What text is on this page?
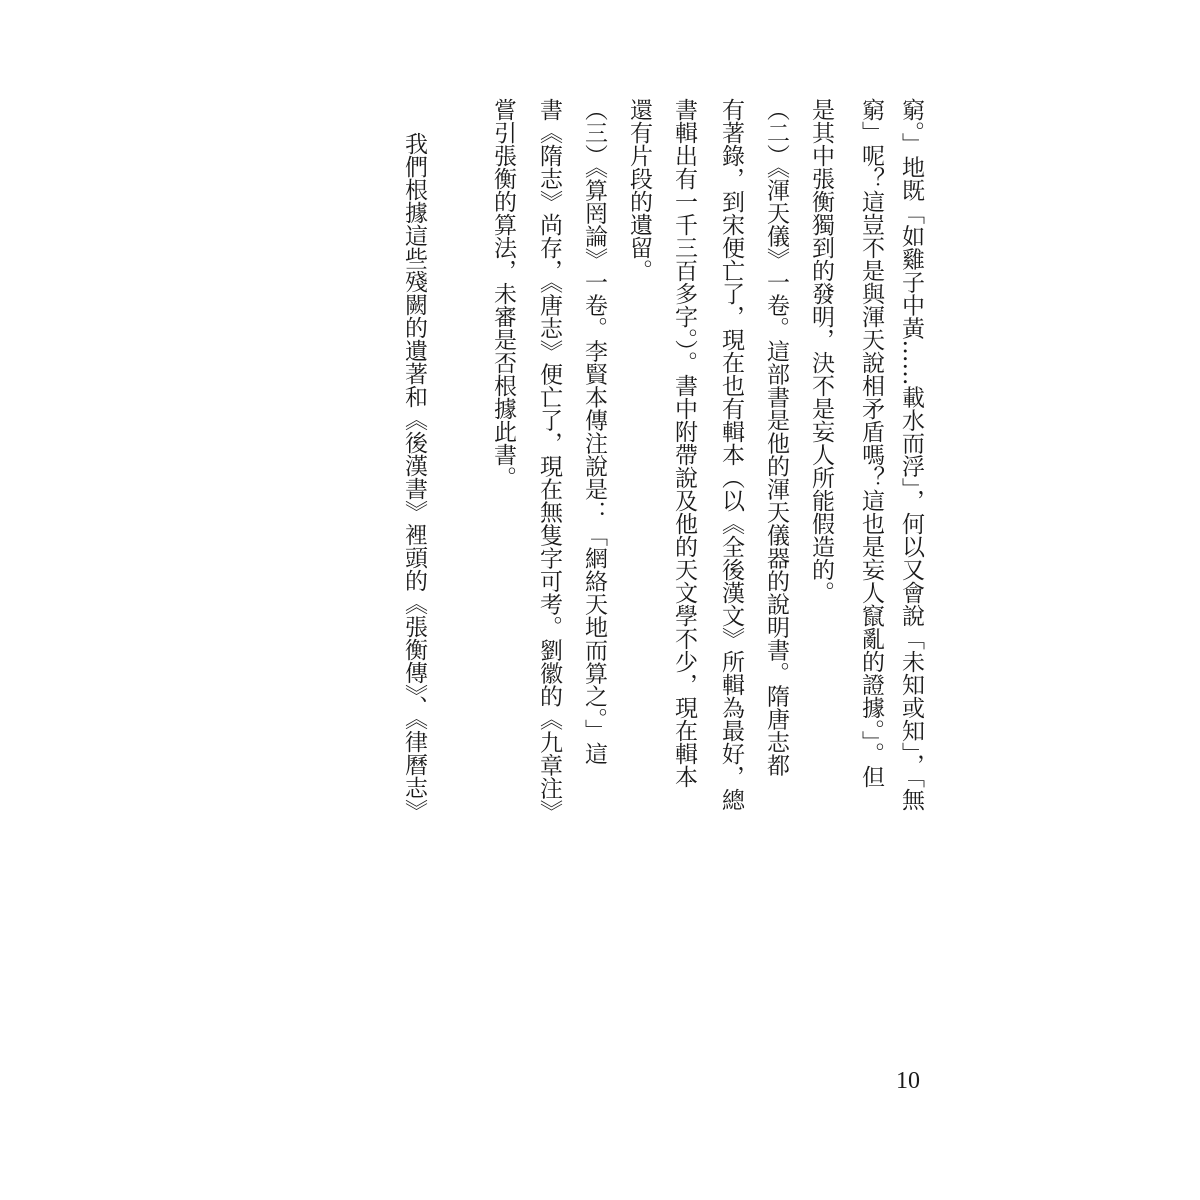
窮。」地既「如雞子中黃……載水而浮」，何以又會說「未知或知」，「無

窮」呢？這豈不是與渾天說相矛盾嗎？這也是妄人竄亂的證據。」。但

是其中張衡獨到的發明，決不是妄人所能假造的。

（二）《渾天儀》一卷。這部書是他的渾天儀器的說明書。隋唐志都

有著錄，到宋便亡了，現在也有輯本（以《全後漢文》所輯為最好，總

書輯出有一千三百多字。）。書中附帶說及他的天文學不少，現在輯本

還有片段的遺留。

（三）《算罔論》一卷。李賢本傳注說是：「網絡天地而算之。」這

書《隋志》尚存，《唐志》便亡了，現在無隻字可考。劉徽的《九章注》

嘗引張衡的算法，未審是否根據此書。

我們根據這些殘闕的遺著和《後漢書》裡頭的《張衡傳》、《律曆志》

10
